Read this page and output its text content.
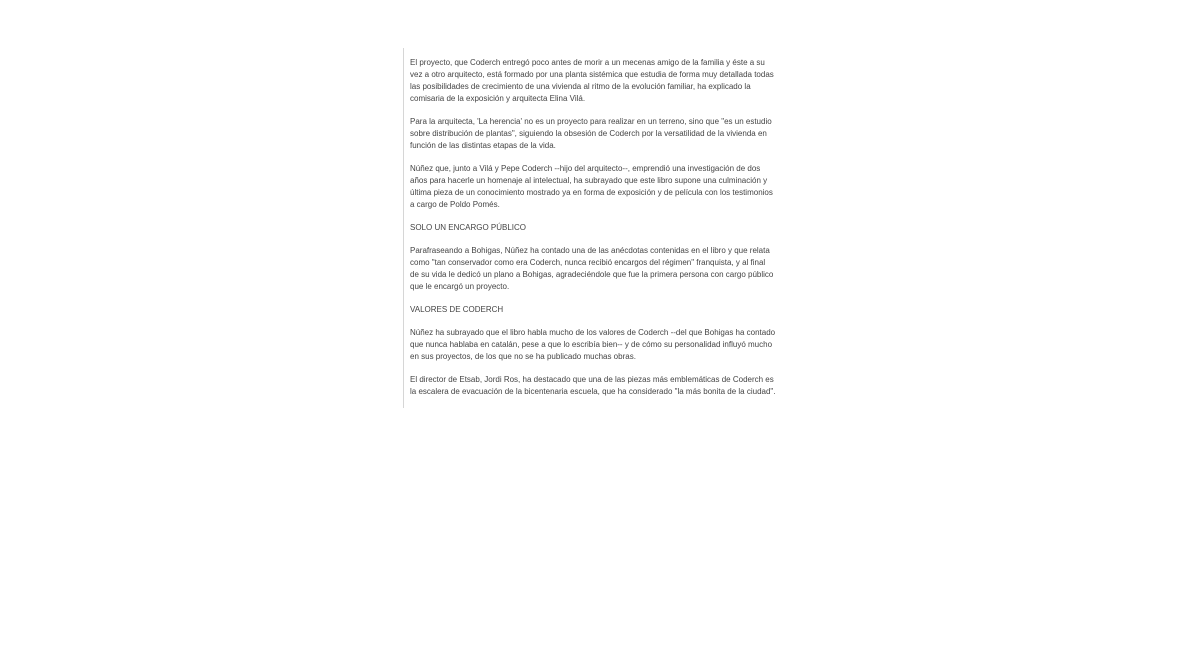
El proyecto, que Coderch entregó poco antes de morir a un mecenas amigo de la familia y éste a su
vez a otro arquitecto, está formado por una planta sistémica que estudia de forma muy detallada todas
las posibilidades de crecimiento de una vivienda al ritmo de la evolución familiar, ha explicado la
comisaria de la exposición y arquitecta Elina Vilá.

Para la arquitecta, 'La herencia' no es un proyecto para realizar en un terreno, sino que "es un estudio
sobre distribución de plantas", siguiendo la obsesión de Coderch por la versatilidad de la vivienda en
función de las distintas etapas de la vida.

Núñez que, junto a Vilá y Pepe Coderch --hijo del arquitecto--, emprendió una investigación de dos
años para hacerle un homenaje al intelectual, ha subrayado que este libro supone una culminación y
última pieza de un conocimiento mostrado ya en forma de exposición y de película con los testimonios
a cargo de Poldo Pomés.

SOLO UN ENCARGO PÚBLICO

Parafraseando a Bohigas, Núñez ha contado una de las anécdotas contenidas en el libro y que relata
como "tan conservador como era Coderch, nunca recibió encargos del régimen" franquista, y al final
de su vida le dedicó un plano a Bohigas, agradeciéndole que fue la primera persona con cargo público
que le encargó un proyecto.

VALORES DE CODERCH

Núñez ha subrayado que el libro habla mucho de los valores de Coderch --del que Bohigas ha contado
que nunca hablaba en catalán, pese a que lo escribía bien-- y de cómo su personalidad influyó mucho
en sus proyectos, de los que no se ha publicado muchas obras.

El director de Etsab, Jordi Ros, ha destacado que una de las piezas más emblemáticas de Coderch es
la escalera de evacuación de la bicentenaria escuela, que ha considerado "la más bonita de la ciudad".
